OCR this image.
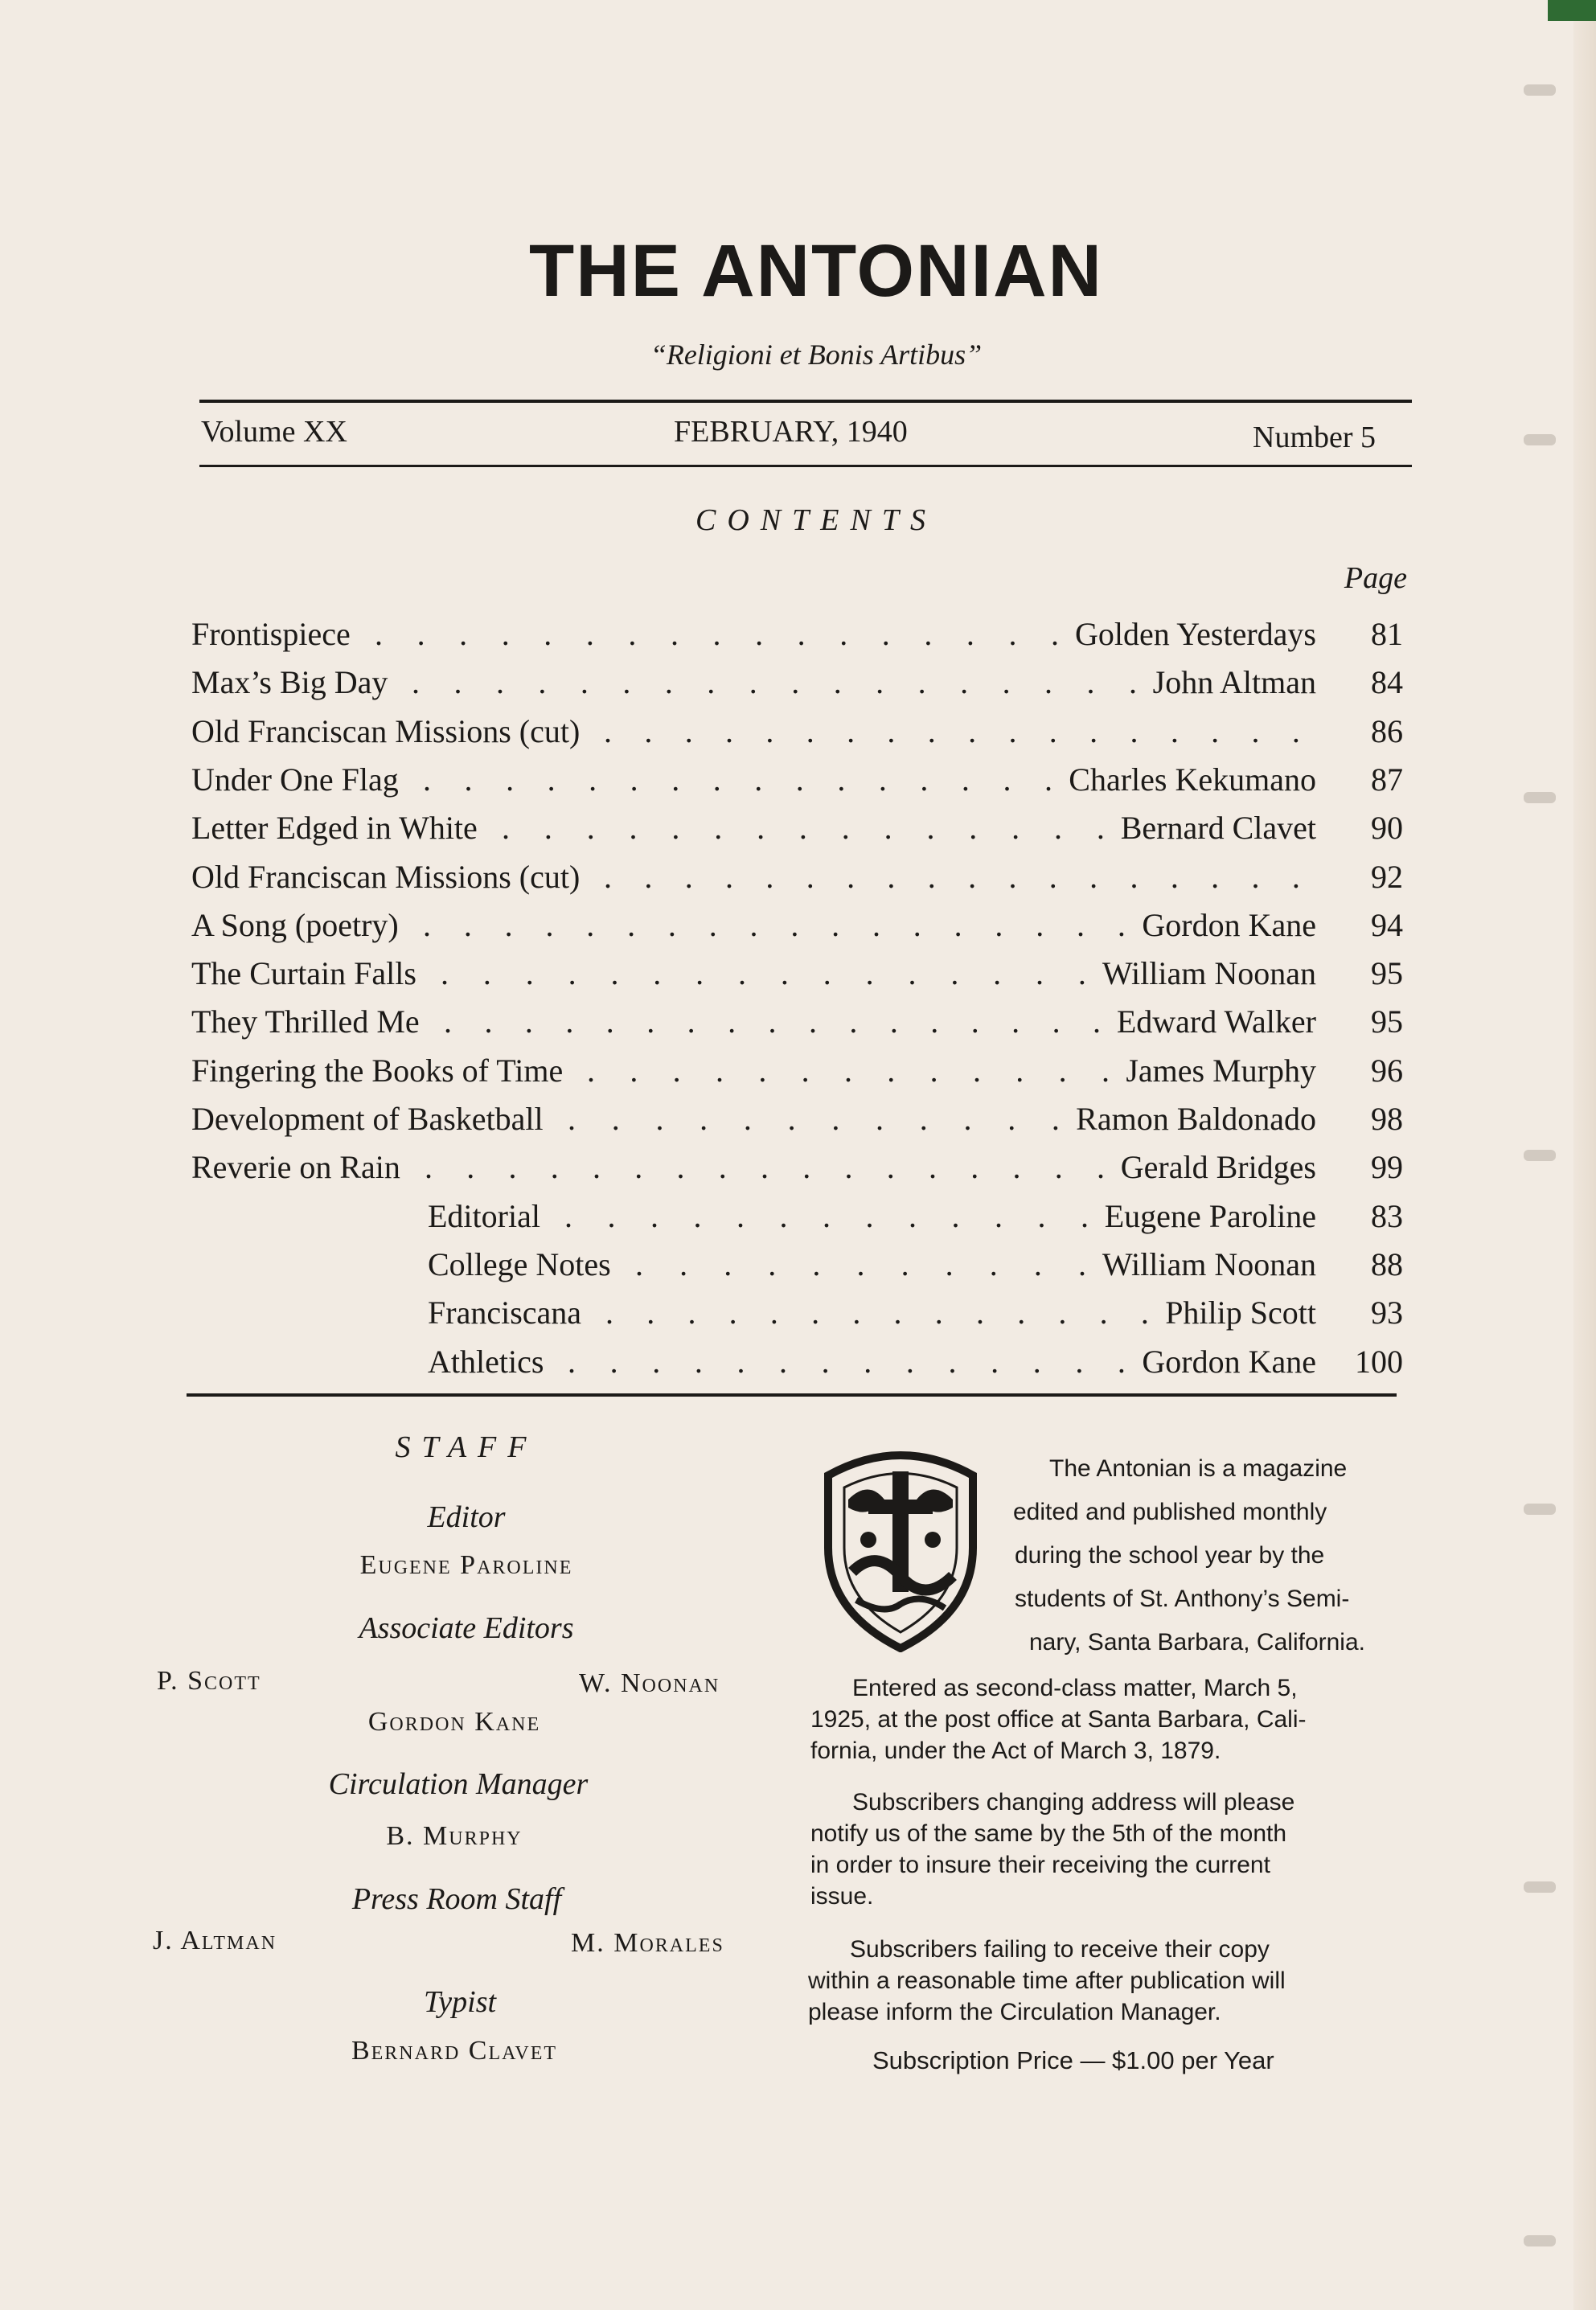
THE ANTONIAN
“Religioni et Bonis Artibus”
Volume XX	FEBRUARY, 1940	Number 5
CONTENTS
Page
Frontispiece . . . . . . . . . . . . . . . . . Golden Yesterdays	81
Max’s Big Day . . . . . . . . . . . . . . . . . . John Altman	84
Old Franciscan Missions (cut) . . . . . . . . . . . . . . . . . .	86
Under One Flag . . . . . . . . . . . . . . . . Charles Kekumano	87
Letter Edged in White . . . . . . . . . . . . . . . Bernard Clavet	90
Old Franciscan Missions (cut) . . . . . . . . . . . . . . . . . .	92
A Song (poetry) . . . . . . . . . . . . . . . . . . Gordon Kane	94
The Curtain Falls . . . . . . . . . . . . . . . . William Noonan	95
They Thrilled Me . . . . . . . . . . . . . . . . . Edward Walker	95
Fingering the Books of Time . . . . . . . . . . . . . James Murphy	96
Development of Basketball . . . . . . . . . . . . Ramon Baldonado	98
Reverie on Rain . . . . . . . . . . . . . . . . . Gerald Bridges	99
Editorial . . . . . . . . . . . . . Eugene Paroline	83
College Notes . . . . . . . . . . . William Noonan	88
Franciscana . . . . . . . . . . . . . . Philip Scott	93
Athletics . . . . . . . . . . . . . . Gordon Kane	100
STAFF
Editor
Eugene Paroline
Associate Editors
P. Scott	W. Noonan
Gordon Kane
Circulation Manager
B. Murphy
Press Room Staff
J. Altman	M. Morales
Typist
Bernard Clavet
The Antonian is a magazine
edited and published monthly
during the school year by the
students of St. Anthony’s Semi-
nary, Santa Barbara, California.
Entered as second-class matter, March 5,
1925, at the post office at Santa Barbara, Cali-
fornia, under the Act of March 3, 1879.
Subscribers changing address will please
notify us of the same by the 5th of the month
in order to insure their receiving the current
issue.
Subscribers failing to receive their copy
within a reasonable time after publication will
please inform the Circulation Manager.
Subscription Price — $1.00 per Year
